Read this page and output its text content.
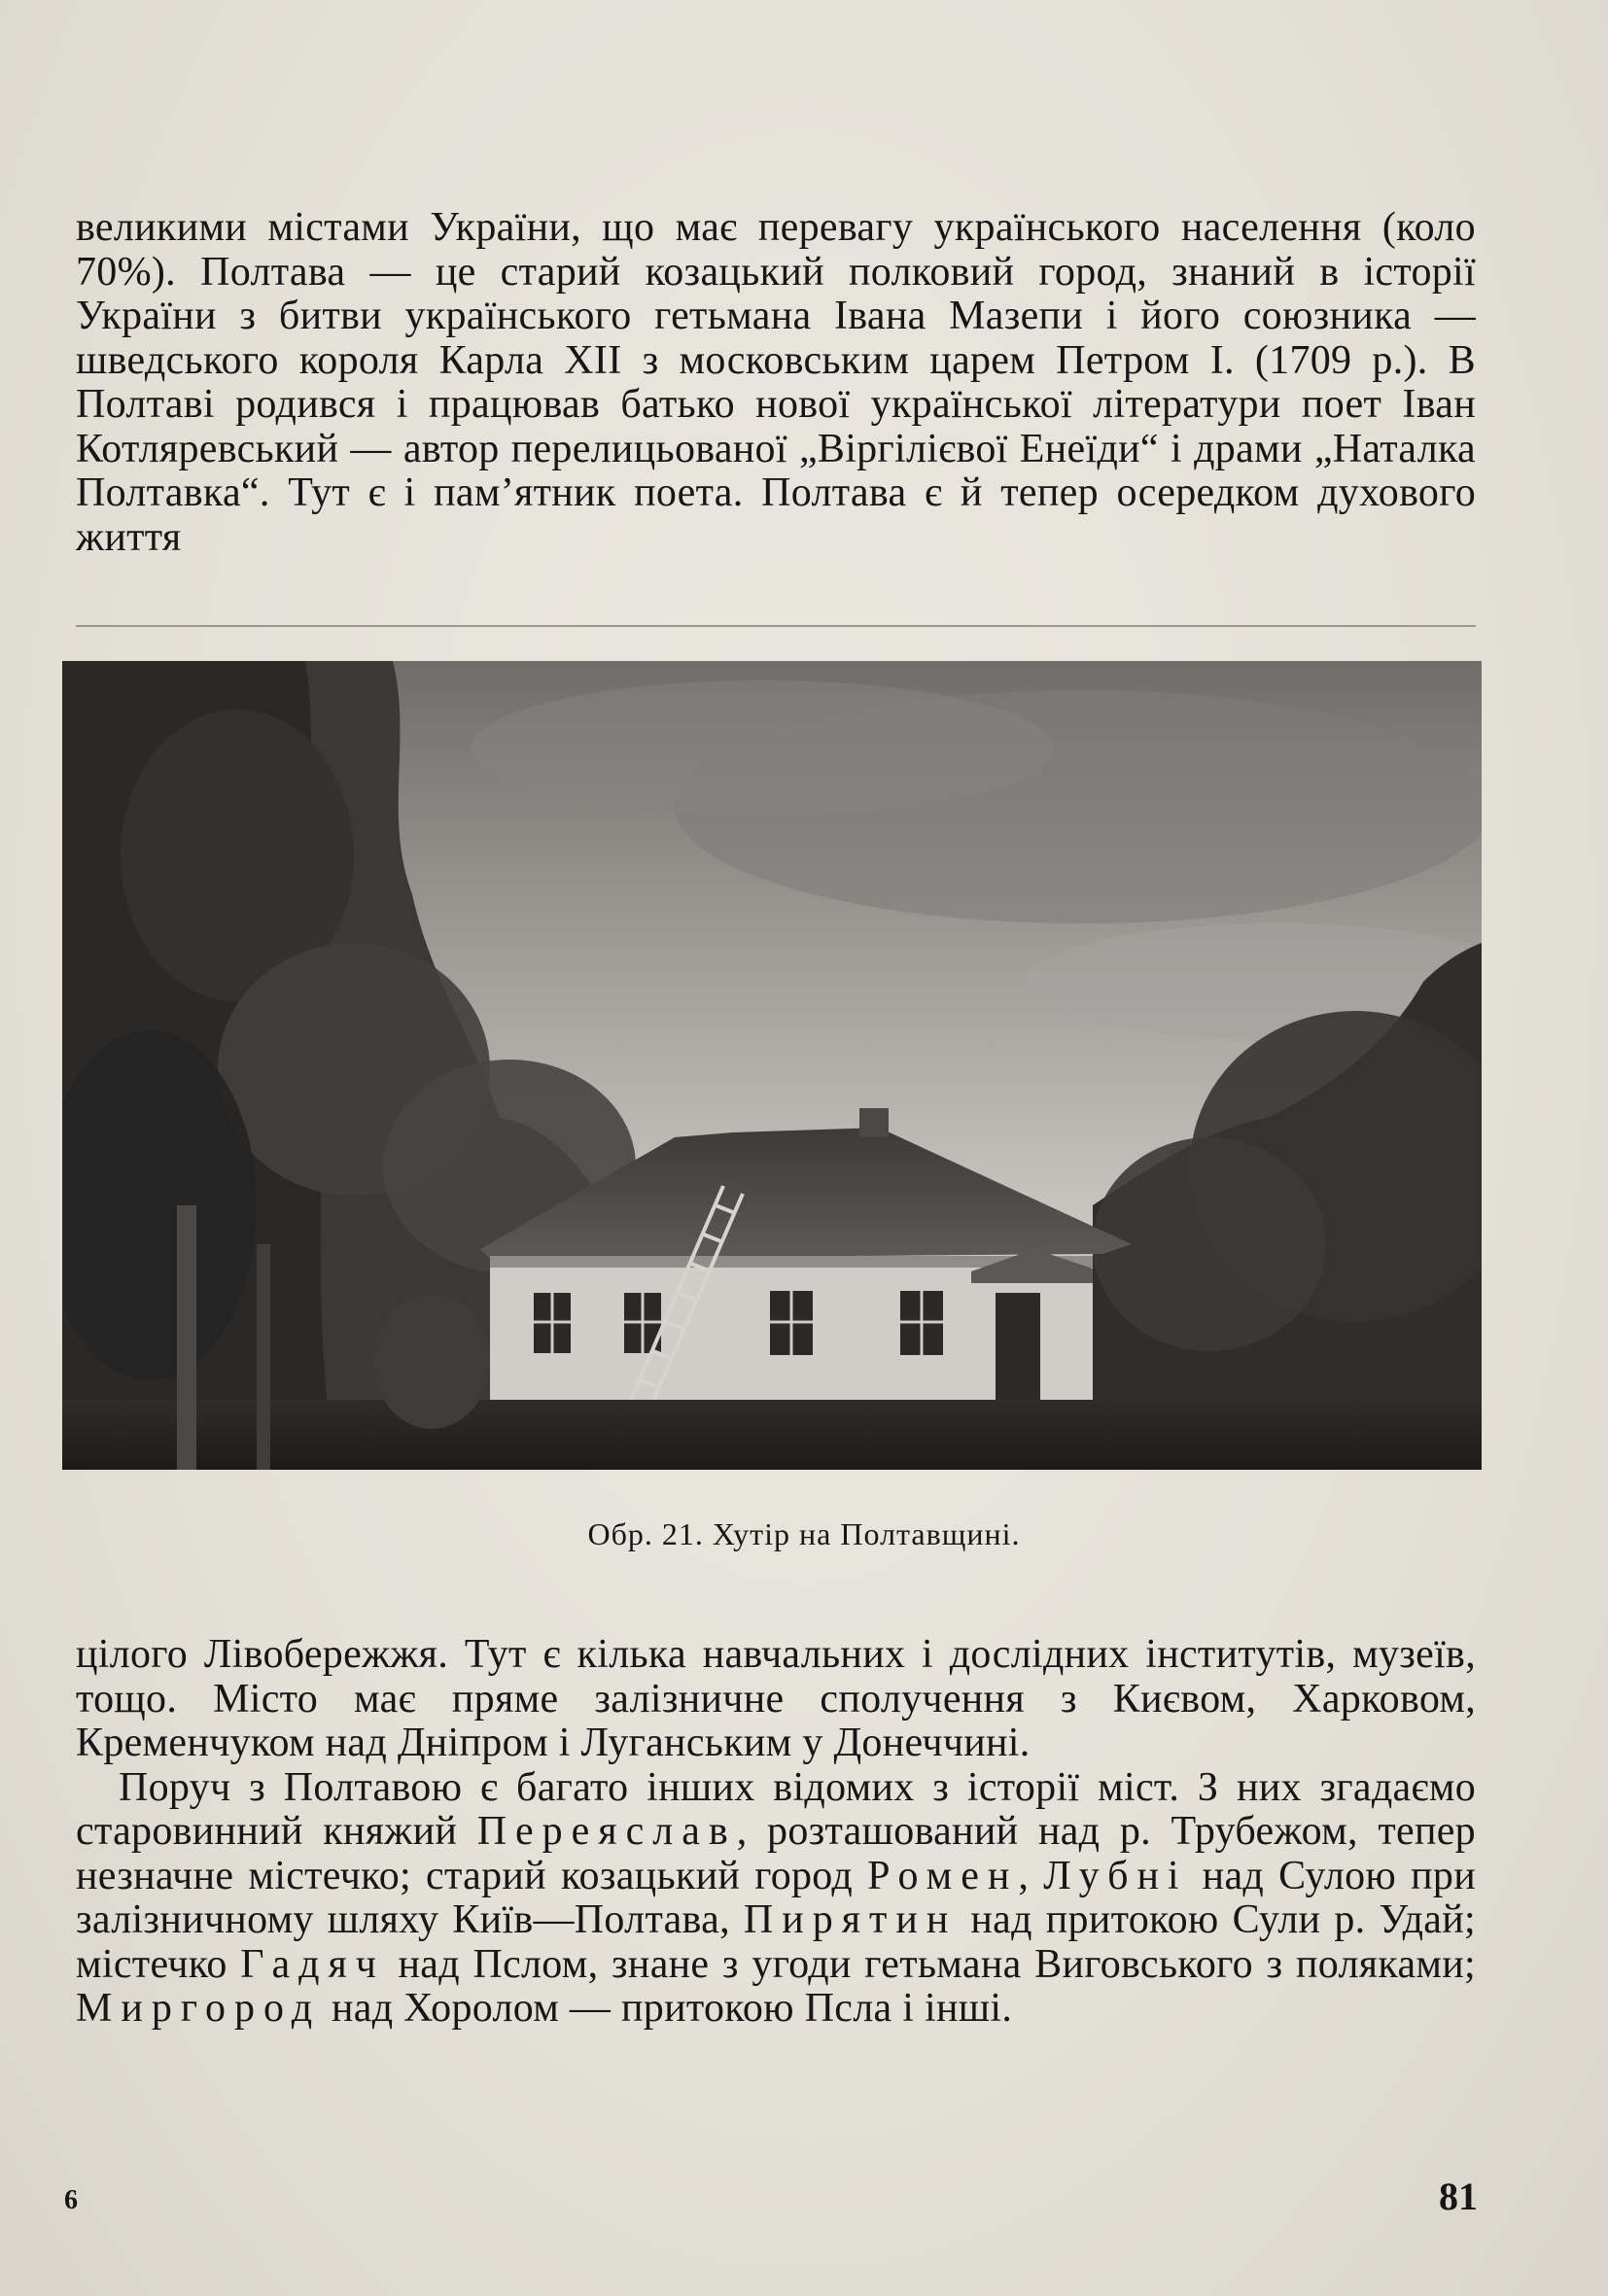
великими містами України, що має перевагу українського населення (коло 70%). Полтава — це старий козацький полковий город, знаний в історії України з битви українського гетьмана Івана Мазепи і його союзника — шведського короля Карла XII з московським царем Петром І. (1709 р.). В Полтаві родився і працював батько нової української літератури поет Іван Котляревський — автор перелицьованої „Віргілієвої Енеїди“ і драми „Наталка Полтавка“. Тут є і пам’ятник поета. Полтава є й тепер осередком духового життя

Обр. 21. Хутір на Полтавщині.

цілого Лівобережжя. Тут є кілька навчальних і дослідних інститутів, музеїв, тощо. Місто має пряме залізничне сполучення з Києвом, Харковом, Кременчуком над Дніпром і Луганським у Донеччині.

Поруч з Полтавою є багато інших відомих з історії міст. З них згадаємо старовинний княжий Переяслав, розташований над р. Трубежом, тепер незначне містечко; старий козацький город Ромен, Лубні над Сулою при залізничному шляху Київ—Полтава, Пирятин над притокою Сули р. Удай; містечко Гадяч над Пслом, знане з угоди гетьмана Виговського з поляками; Миргород над Хоролом — притокою Псла і інші.

6	81
